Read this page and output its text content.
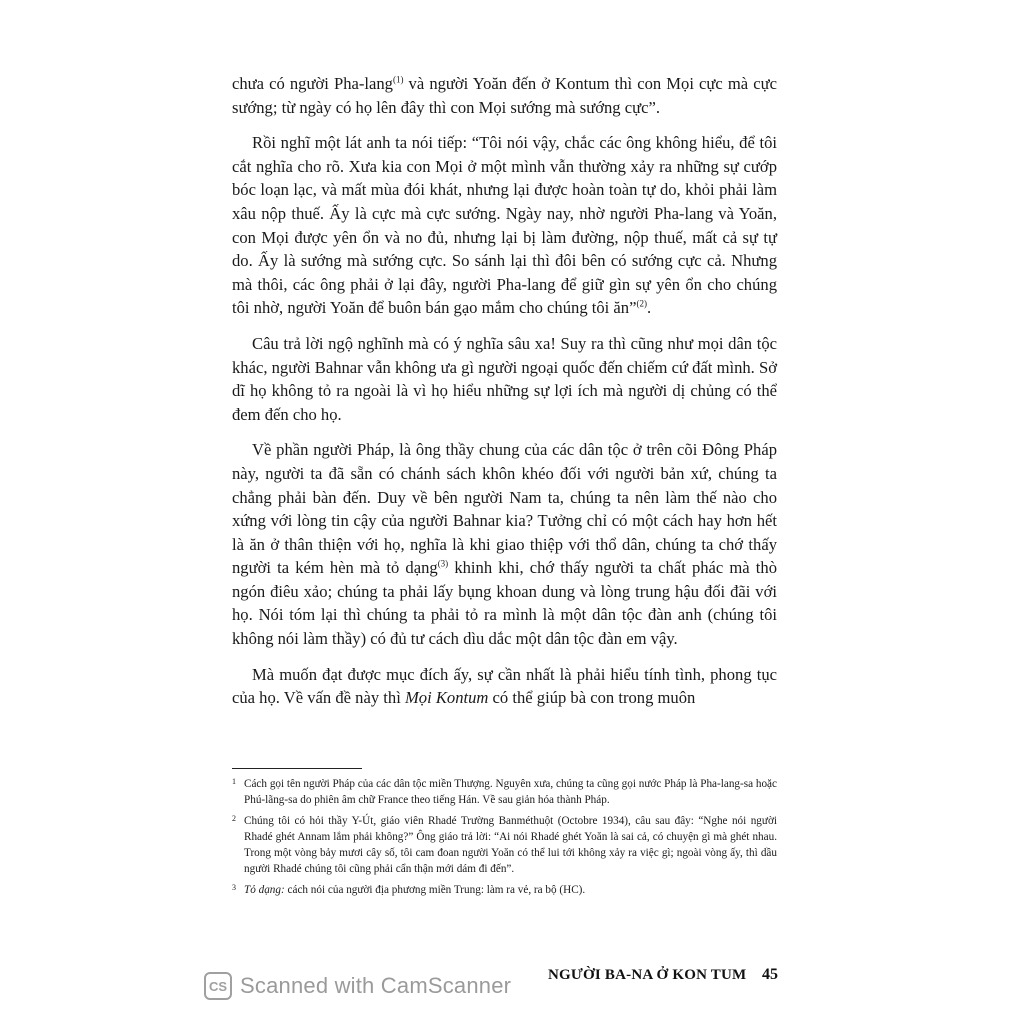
chưa có người Pha-lang$^{(1)}$ và người Yoăn đến ở Kontum thì con Mọi cực mà cực sướng; từ ngày có họ lên đây thì con Mọi sướng mà sướng cực”.

Rồi nghĩ một lát anh ta nói tiếp: “Tôi nói vậy, chắc các ông không hiểu, để tôi cắt nghĩa cho rõ. Xưa kia con Mọi ở một mình vẫn thường xảy ra những sự cướp bóc loạn lạc, và mất mùa đói khát, nhưng lại được hoàn toàn tự do, khỏi phải làm xâu nộp thuế. Ấy là cực mà cực sướng. Ngày nay, nhờ người Pha-lang và Yoăn, con Mọi được yên ổn và no đủ, nhưng lại bị làm đường, nộp thuế, mất cả sự tự do. Ấy là sướng mà sướng cực. So sánh lại thì đôi bên có sướng cực cả. Nhưng mà thôi, các ông phải ở lại đây, người Pha-lang để giữ gìn sự yên ổn cho chúng tôi nhờ, người Yoăn để buôn bán gạo mắm cho chúng tôi ăn”$^{(2)}$.

Câu trả lời ngộ nghĩnh mà có ý nghĩa sâu xa! Suy ra thì cũng như mọi dân tộc khác, người Bahnar vẫn không ưa gì người ngoại quốc đến chiếm cứ đất mình. Sở dĩ họ không tỏ ra ngoài là vì họ hiểu những sự lợi ích mà người dị chủng có thể đem đến cho họ.

Về phần người Pháp, là ông thầy chung của các dân tộc ở trên cõi Đông Pháp này, người ta đã sẵn có chánh sách khôn khéo đối với người bản xứ, chúng ta chẳng phải bàn đến. Duy về bên người Nam ta, chúng ta nên làm thế nào cho xứng với lòng tin cậy của người Bahnar kia? Tưởng chỉ có một cách hay hơn hết là ăn ở thân thiện với họ, nghĩa là khi giao thiệp với thổ dân, chúng ta chớ thấy người ta kém hèn mà tỏ dạng$^{(3)}$ khinh khi, chớ thấy người ta chất phác mà thò ngón điêu xảo; chúng ta phải lấy bụng khoan dung và lòng trung hậu đối đãi với họ. Nói tóm lại thì chúng ta phải tỏ ra mình là một dân tộc đàn anh (chúng tôi không nói làm thầy) có đủ tư cách dìu dắc một dân tộc đàn em vậy.

Mà muốn đạt được mục đích ấy, sự cần nhất là phải hiểu tính tình, phong tục của họ. Về vấn đề này thì Mọi Kontum có thể giúp bà con trong muôn

1 Cách gọi tên người Pháp của các dân tộc miền Thượng. Nguyên xưa, chúng ta cũng gọi nước Pháp là Pha-lang-sa hoặc Phú-lãng-sa do phiên âm chữ France theo tiếng Hán. Về sau giản hóa thành Pháp.
2 Chúng tôi có hỏi thầy Y-Út, giáo viên Rhadé Trường Banméthuột (Octobre 1934), câu sau đây: “Nghe nói người Rhadé ghét Annam lắm phải không?” Ông giáo trả lời: “Ai nói Rhadé ghét Yoăn là sai cả, có chuyện gì mà ghét nhau. Trong một vòng bảy mươi cây số, tôi cam đoan người Yoăn có thể lui tới không xảy ra việc gì; ngoài vòng ấy, thì dầu người Rhadé chúng tôi cũng phải cẩn thận mới dám đi đến”.
3 Tỏ dạng: cách nói của người địa phương miền Trung: làm ra vẻ, ra bộ (HC).
CS Scanned with CamScanner NGƯỜI BA-NA Ở KON TUM 45
